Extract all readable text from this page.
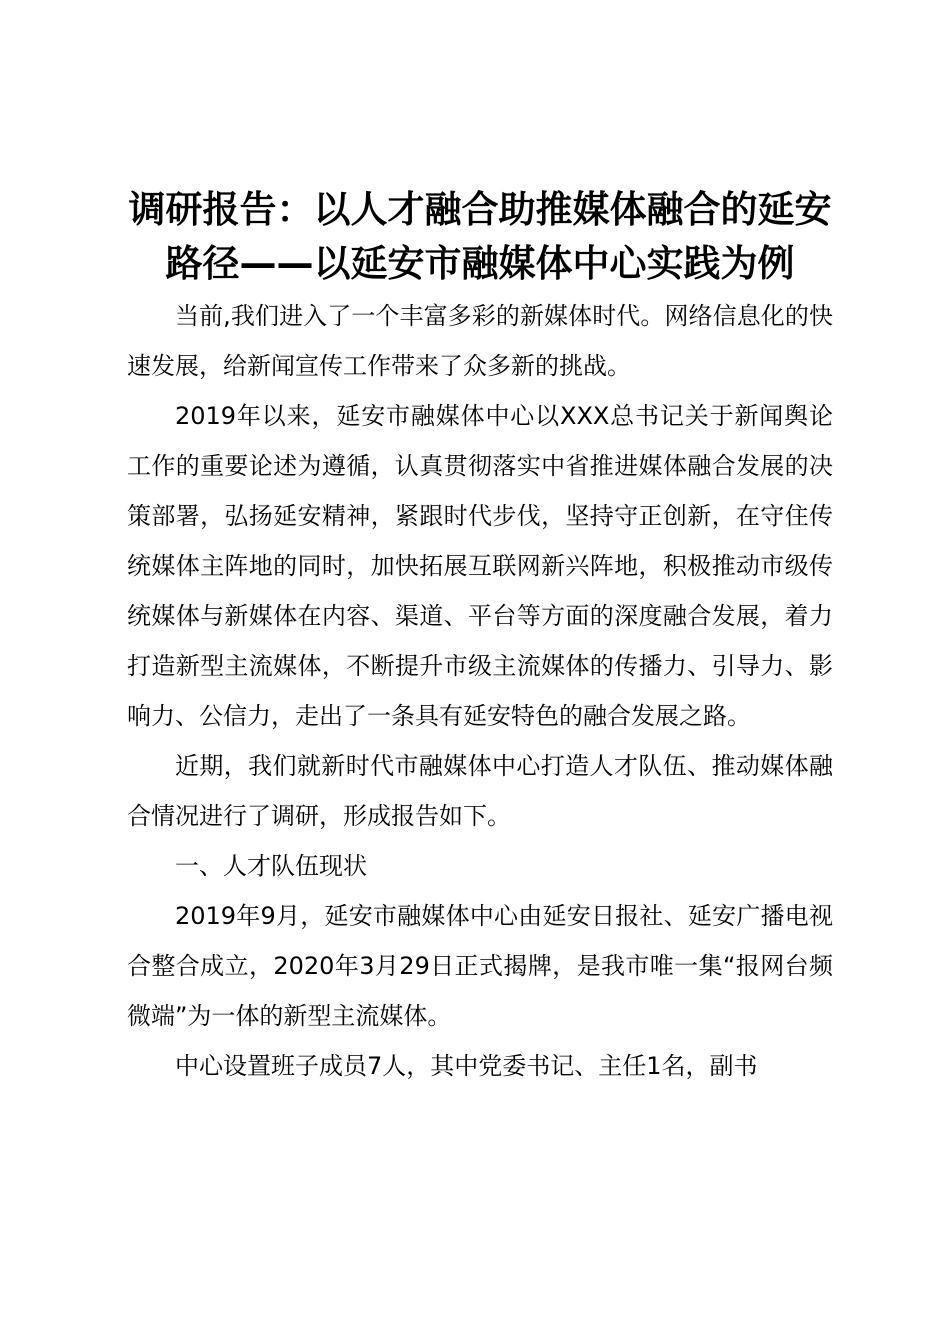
调研报告：以人才融合助推媒体融合的延安路径——以延安市融媒体中心实践为例

当前,我们进入了一个丰富多彩的新媒体时代。网络信息化的快速发展，给新闻宣传工作带来了众多新的挑战。

2019年以来，延安市融媒体中心以XXX总书记关于新闻舆论工作的重要论述为遵循，认真贯彻落实中省推进媒体融合发展的决策部署，弘扬延安精神，紧跟时代步伐，坚持守正创新，在守住传统媒体主阵地的同时，加快拓展互联网新兴阵地，积极推动市级传统媒体与新媒体在内容、渠道、平台等方面的深度融合发展，着力打造新型主流媒体，不断提升市级主流媒体的传播力、引导力、影响力、公信力，走出了一条具有延安特色的融合发展之路。

近期，我们就新时代市融媒体中心打造人才队伍、推动媒体融合情况进行了调研，形成报告如下。

一、人才队伍现状

2019年9月，延安市融媒体中心由延安日报社、延安广播电视合整合成立，2020年3月29日正式揭牌，是我市唯一集“报网台频微端”为一体的新型主流媒体。

中心设置班子成员7人，其中党委书记、主任1名，副书
